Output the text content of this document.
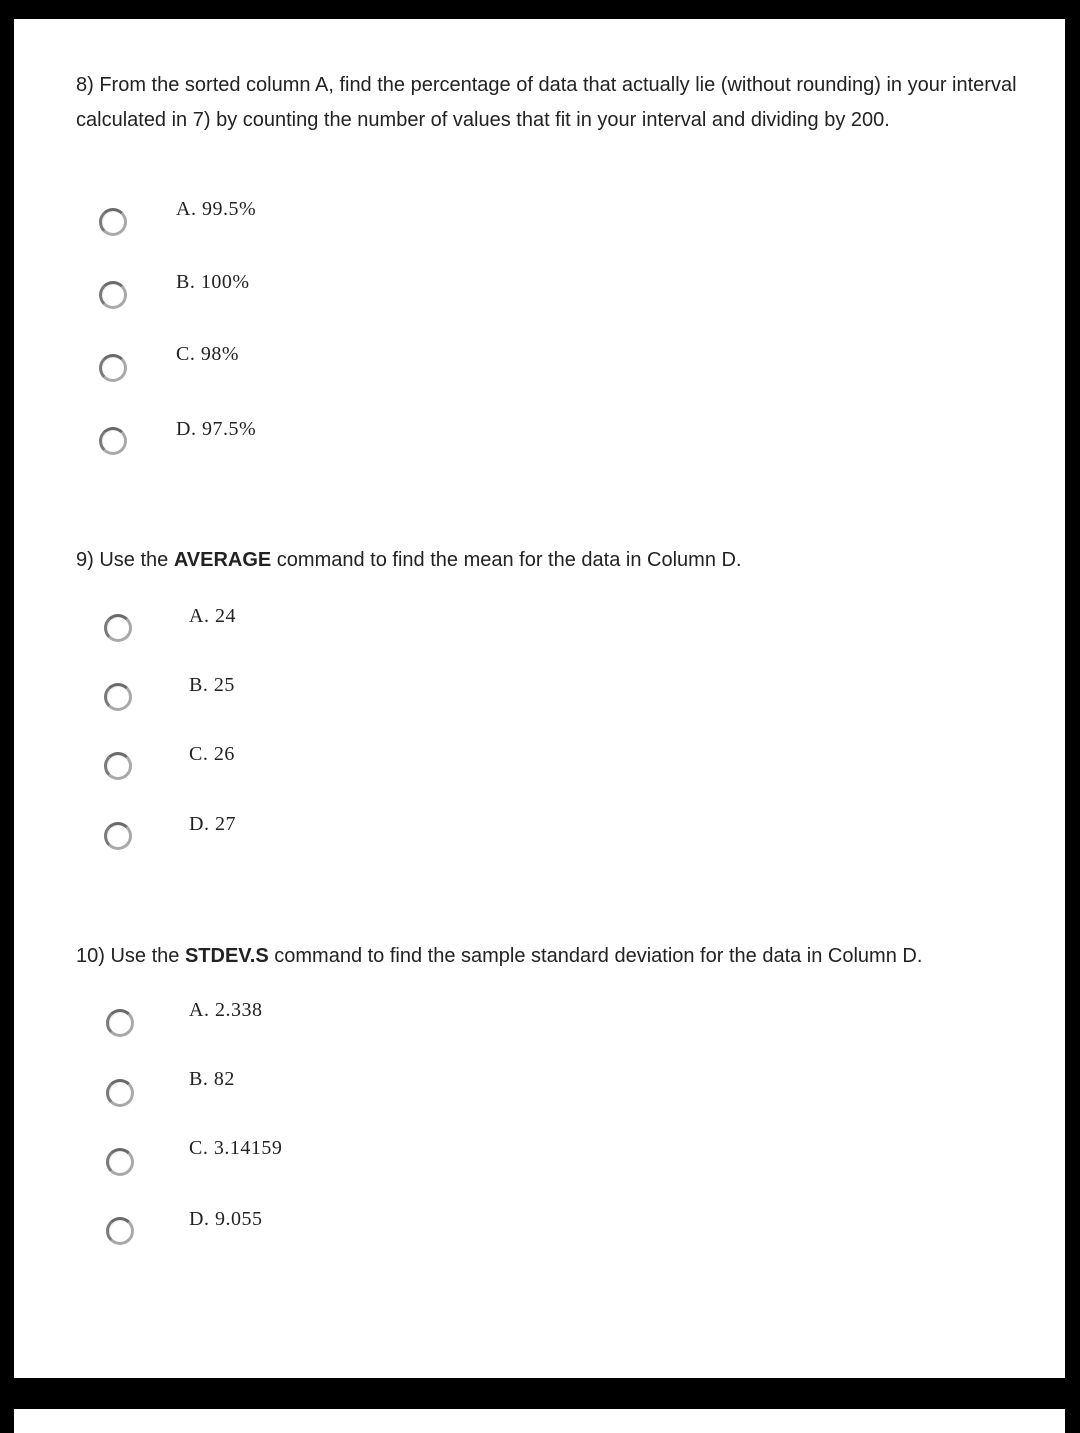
8) From the sorted column A, find the percentage of data that actually lie (without rounding) in your interval calculated in 7) by counting the number of values that fit in your interval and dividing by 200.
A. 99.5%
B. 100%
C. 98%
D. 97.5%
9) Use the AVERAGE command to find the mean for the data in Column D.
A. 24
B. 25
C. 26
D. 27
10) Use the STDEV.S command to find the sample standard deviation for the data in Column D.
A. 2.338
B. 82
C. 3.14159
D. 9.055
